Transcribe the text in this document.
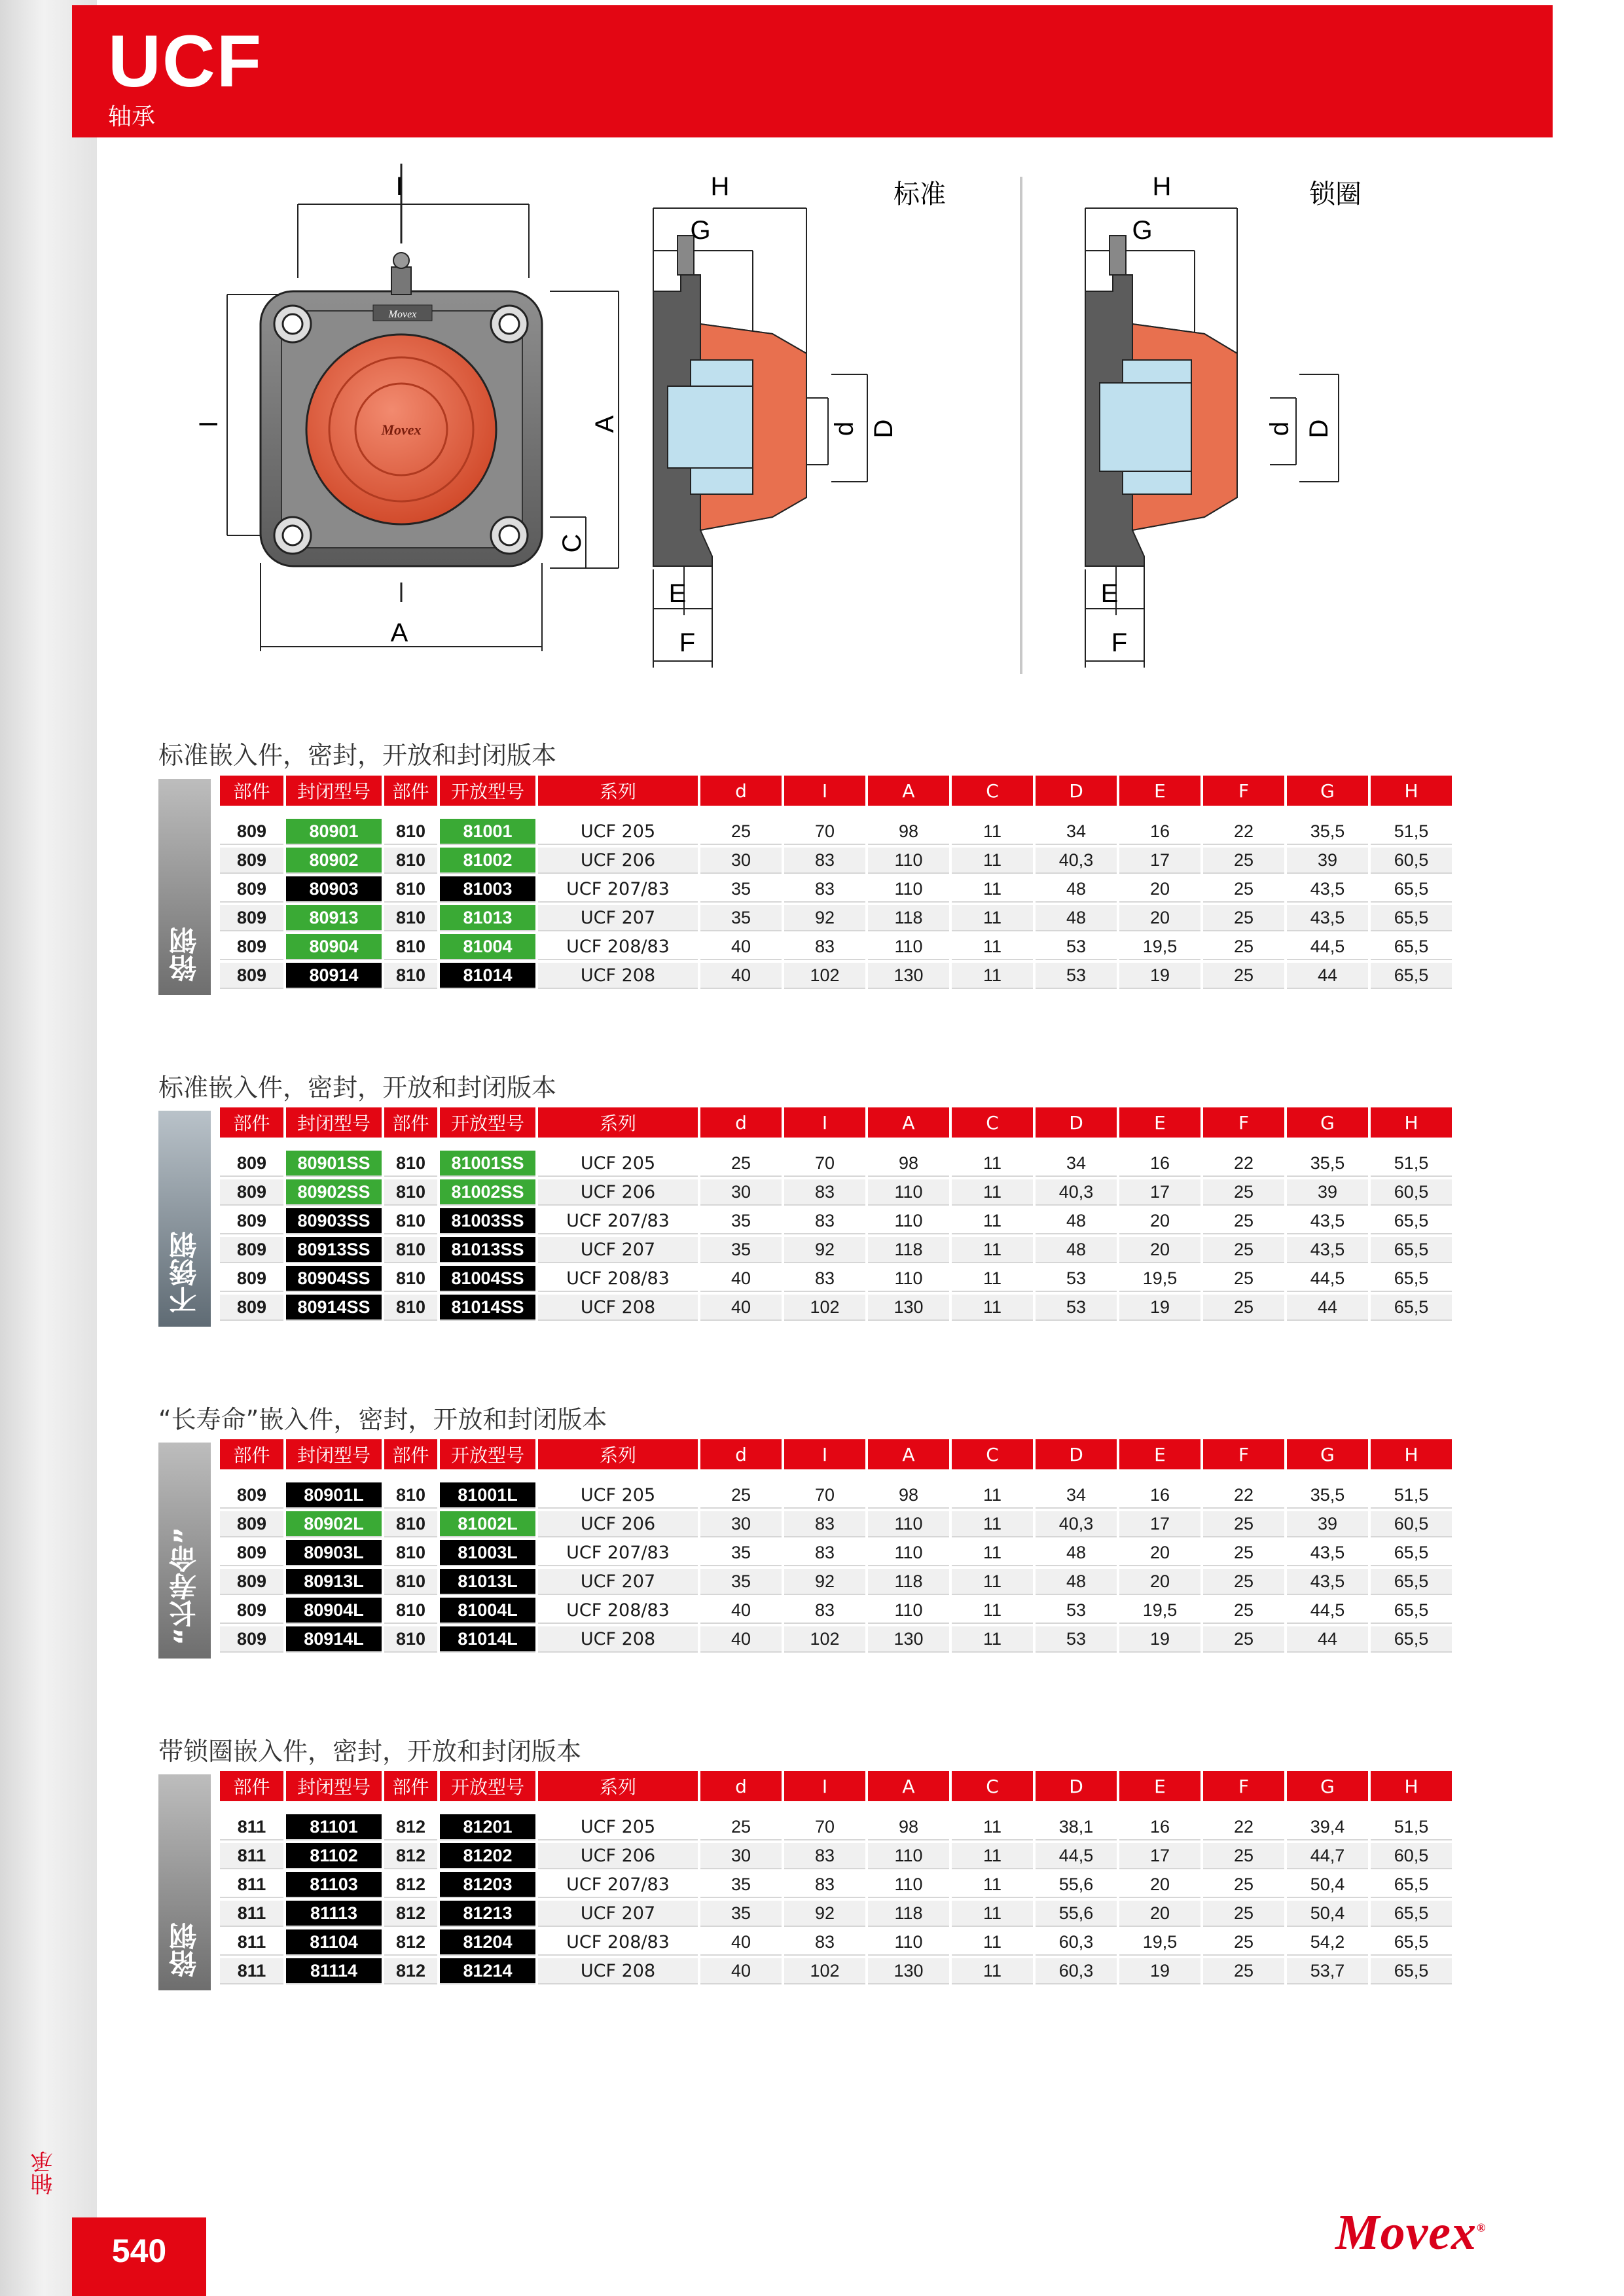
轴承
540
UCF
轴承
Movex
Movex
I
I
A
A
C
H
G
D
d
E
F
标准	H
G
D
d
E
F
锁圈
标准嵌入件，密封，开放和封闭版本
铬钢
部件	封闭型号	部件	开放型号	系列	d	I	A	C	D	E	F	G	H

809	80901	810	81001	UCF 205	25	70	98	11	34	16	22	35,5	51,5
809	80902	810	81002	UCF 206	30	83	110	11	40,3	17	25	39	60,5
809	80903	810	81003	UCF 207/83	35	83	110	11	48	20	25	43,5	65,5
809	80913	810	81013	UCF 207	35	92	118	11	48	20	25	43,5	65,5
809	80904	810	81004	UCF 208/83	40	83	110	11	53	19,5	25	44,5	65,5
809	80914	810	81014	UCF 208	40	102	130	11	53	19	25	44	65,5
标准嵌入件，密封，开放和封闭版本
不锈钢
部件	封闭型号	部件	开放型号	系列	d	I	A	C	D	E	F	G	H

809	80901SS	810	81001SS	UCF 205	25	70	98	11	34	16	22	35,5	51,5
809	80902SS	810	81002SS	UCF 206	30	83	110	11	40,3	17	25	39	60,5
809	80903SS	810	81003SS	UCF 207/83	35	83	110	11	48	20	25	43,5	65,5
809	80913SS	810	81013SS	UCF 207	35	92	118	11	48	20	25	43,5	65,5
809	80904SS	810	81004SS	UCF 208/83	40	83	110	11	53	19,5	25	44,5	65,5
809	80914SS	810	81014SS	UCF 208	40	102	130	11	53	19	25	44	65,5
“长寿命”嵌入件，密封，开放和封闭版本
“长寿命”
部件	封闭型号	部件	开放型号	系列	d	I	A	C	D	E	F	G	H

809	80901L	810	81001L	UCF 205	25	70	98	11	34	16	22	35,5	51,5
809	80902L	810	81002L	UCF 206	30	83	110	11	40,3	17	25	39	60,5
809	80903L	810	81003L	UCF 207/83	35	83	110	11	48	20	25	43,5	65,5
809	80913L	810	81013L	UCF 207	35	92	118	11	48	20	25	43,5	65,5
809	80904L	810	81004L	UCF 208/83	40	83	110	11	53	19,5	25	44,5	65,5
809	80914L	810	81014L	UCF 208	40	102	130	11	53	19	25	44	65,5
带锁圈嵌入件，密封，开放和封闭版本
铬钢
部件	封闭型号	部件	开放型号	系列	d	I	A	C	D	E	F	G	H

811	81101	812	81201	UCF 205	25	70	98	11	38,1	16	22	39,4	51,5
811	81102	812	81202	UCF 206	30	83	110	11	44,5	17	25	44,7	60,5
811	81103	812	81203	UCF 207/83	35	83	110	11	55,6	20	25	50,4	65,5
811	81113	812	81213	UCF 207	35	92	118	11	55,6	20	25	50,4	65,5
811	81104	812	81204	UCF 208/83	40	83	110	11	60,3	19,5	25	54,2	65,5
811	81114	812	81214	UCF 208	40	102	130	11	60,3	19	25	53,7	65,5
Movex®
